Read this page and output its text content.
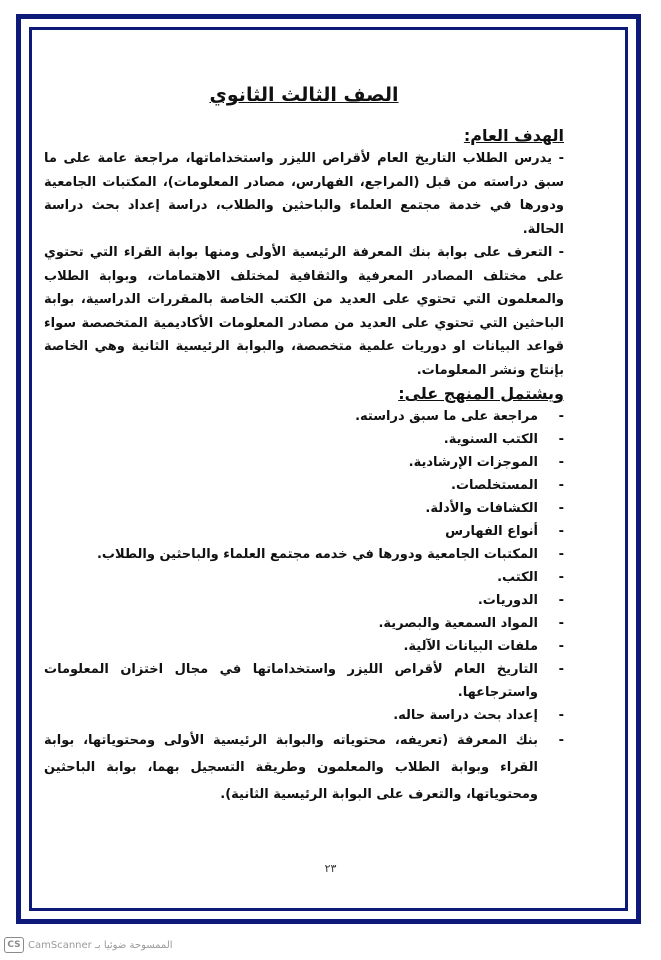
الصف الثالث الثانوي
الهدف العام:

- يدرس الطلاب التاريخ العام لأقراص الليزر واستخداماتها، مراجعة عامة على ما سبق دراسته من قبل (المراجع، الفهارس، مصادر المعلومات)، المكتبات الجامعية ودورها في خدمة مجتمع العلماء والباحثين والطلاب، دراسة إعداد بحث دراسة الحالة.

- التعرف على بوابة بنك المعرفة الرئيسية الأولى ومنها بوابة القراء التي تحتوي على مختلف المصادر المعرفية والثقافية لمختلف الاهتمامات، وبوابة الطلاب والمعلمون التي تحتوي على العديد من الكتب الخاصة بالمقررات الدراسية، بوابة الباحثين التي تحتوي على العديد من مصادر المعلومات الأكاديمية المتخصصة سواء قواعد البيانات او دوريات علمية متخصصة، والبوابة الرئيسية الثانية وهي الخاصة بإنتاج ونشر المعلومات.

ويشتمل المنهج على:
- مراجعة على ما سبق دراسته.
- الكتب السنوية.
- الموجزات الإرشادية.
- المستخلصات.
- الكشافات والأدلة.
- أنواع الفهارس
- المكتبات الجامعية ودورها في خدمه مجتمع العلماء والباحثين والطلاب.
- الكتب.
- الدوريات.
- المواد السمعية والبصرية.
- ملفات البيانات الآلية.
- التاريخ العام لأقراص الليزر واستخداماتها في مجال اختزان المعلومات واسترجاعها.
- إعداد بحث دراسة حاله.
- بنك المعرفة (تعريفه، محتوياته والبوابة الرئيسية الأولى ومحتوياتها، بوابة القراء وبوابة الطلاب والمعلمون وطريقة التسجيل بهما، بوابة الباحثين ومحتوياتها، والتعرف على البوابة الرئيسية الثانية).
٢٣
CS الممسوحة ضوئيا بـ CamScanner
